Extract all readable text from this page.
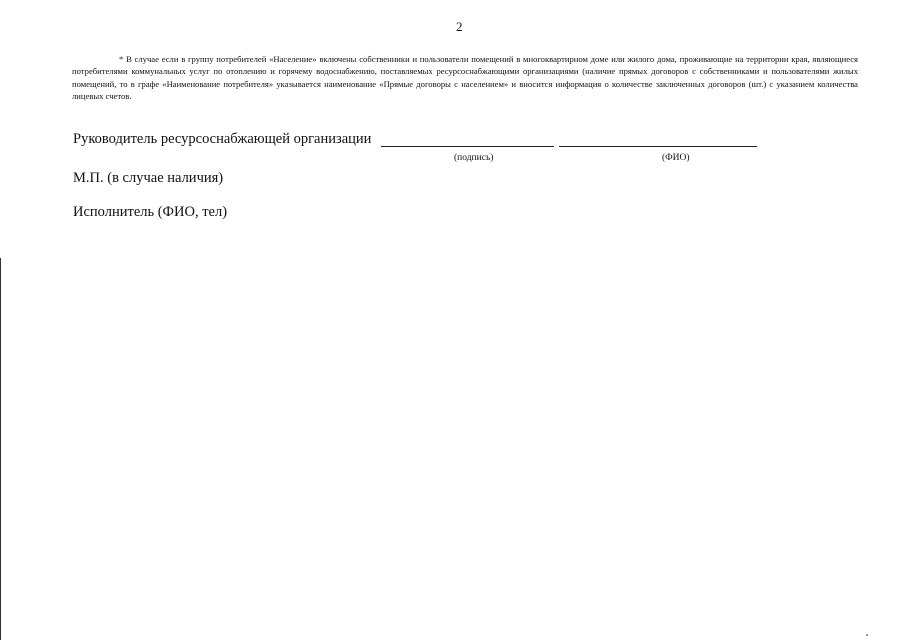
2

* В случае если в группу потребителей «Население» включены собственники и пользователи помещений в многоквартирном доме или жилого дома, проживающие на территории края, являющиеся потребителями коммунальных услуг по отоплению и горячему водоснабжению, поставляемых ресурсоснабжающими организациями (наличие прямых договоров с собственниками и пользователями жилых помещений, то в графе «Наименование потребителя» указывается наименование «Прямые договоры с населением» и вносится информация о количестве заключенных договоров (шт.) с указанием количества лицевых счетов.

Руководитель ресурсоснабжающей организации
(подпись)	(ФИО)
М.П. (в случае наличия)
Исполнитель (ФИО, тел)
